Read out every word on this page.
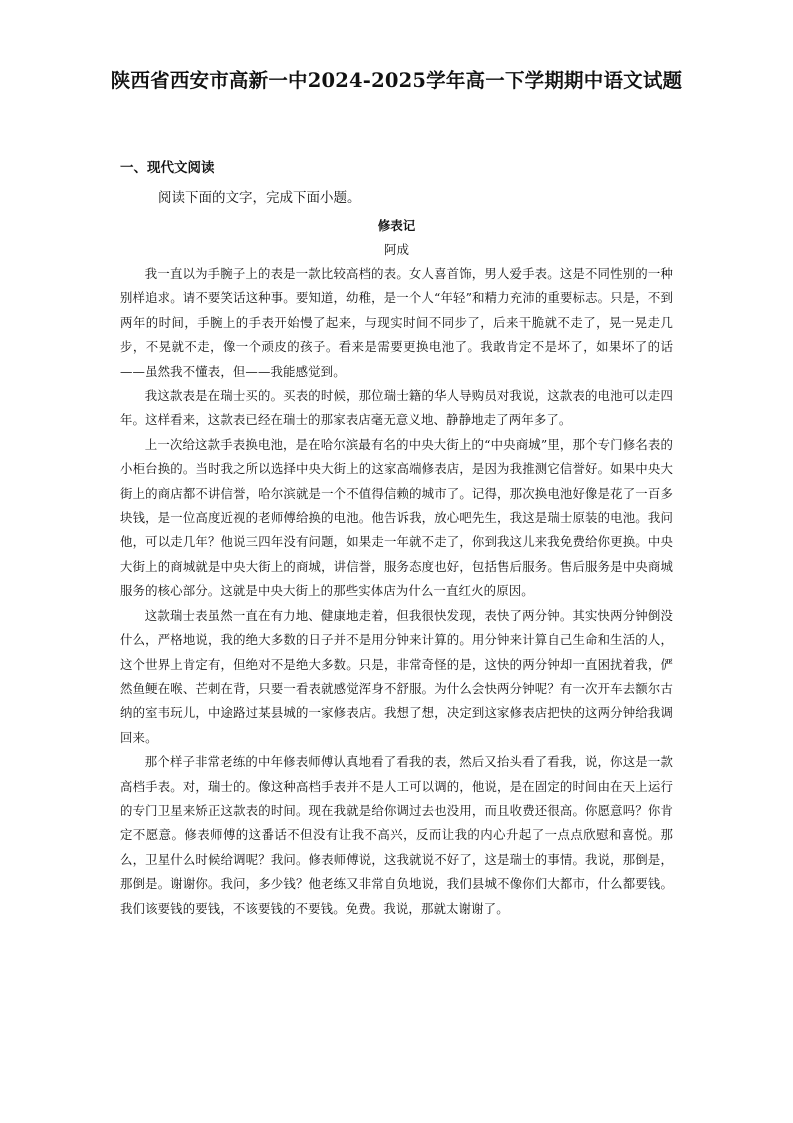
陕西省西安市高新一中2024-2025学年高一下学期期中语文试题
一、现代文阅读
阅读下面的文字，完成下面小题。
修表记
阿成

我一直以为手腕子上的表是一款比较高档的表。女人喜首饰，男人爱手表。这是不同性别的一种别样追求。请不要笑话这种事。要知道，幼稚，是一个人“年轻”和精力充沛的重要标志。只是，不到两年的时间，手腕上的手表开始慢了起来，与现实时间不同步了，后来干脆就不走了，晃一晃走几步，不晃就不走，像一个顽皮的孩子。看来是需要更换电池了。我敢肯定不是坏了，如果坏了的话——虽然我不懂表，但——我能感觉到。

我这款表是在瑞士买的。买表的时候，那位瑞士籍的华人导购员对我说，这款表的电池可以走四年。这样看来，这款表已经在瑞士的那家表店毫无意义地、静静地走了两年多了。

上一次给这款手表换电池，是在哈尔滨最有名的中央大街上的“中央商城”里，那个专门修名表的小柜台换的。当时我之所以选择中央大街上的这家高端修表店，是因为我推测它信誉好。如果中央大街上的商店都不讲信誉，哈尔滨就是一个不值得信赖的城市了。记得，那次换电池好像是花了一百多块钱，是一位高度近视的老师傅给换的电池。他告诉我，放心吧先生，我这是瑞士原装的电池。我问他，可以走几年？他说三四年没有问题，如果走一年就不走了，你到我这儿来我免费给你更换。中央大街上的商城就是中央大街上的商城，讲信誉，服务态度也好，包括售后服务。售后服务是中央商城服务的核心部分。这就是中央大街上的那些实体店为什么一直红火的原因。

这款瑞士表虽然一直在有力地、健康地走着，但我很快发现，表快了两分钟。其实快两分钟倒没什么，严格地说，我的绝大多数的日子并不是用分钟来计算的。用分钟来计算自己生命和生活的人，这个世界上肯定有，但绝对不是绝大多数。只是，非常奇怪的是，这快的两分钟却一直困扰着我，俨然鱼鲠在喉、芒刺在背，只要一看表就感觉浑身不舒服。为什么会快两分钟呢？有一次开车去额尔古纳的室韦玩儿，中途路过某县城的一家修表店。我想了想，决定到这家修表店把快的这两分钟给我调回来。

那个样子非常老练的中年修表师傅认真地看了看我的表，然后又抬头看了看我，说，你这是一款高档手表。对，瑞士的。像这种高档手表并不是人工可以调的，他说，是在固定的时间由在天上运行的专门卫星来矫正这款表的时间。现在我就是给你调过去也没用，而且收费还很高。你愿意吗？你肯定不愿意。修表师傅的这番话不但没有让我不高兴，反而让我的内心升起了一点点欣慰和喜悦。那么，卫星什么时候给调呢？我问。修表师傅说，这我就说不好了，这是瑞士的事情。我说，那倒是，那倒是。谢谢你。我问，多少钱？他老练又非常自负地说，我们县城不像你们大都市，什么都要钱。我们该要钱的要钱，不该要钱的不要钱。免费。我说，那就太谢谢了。
